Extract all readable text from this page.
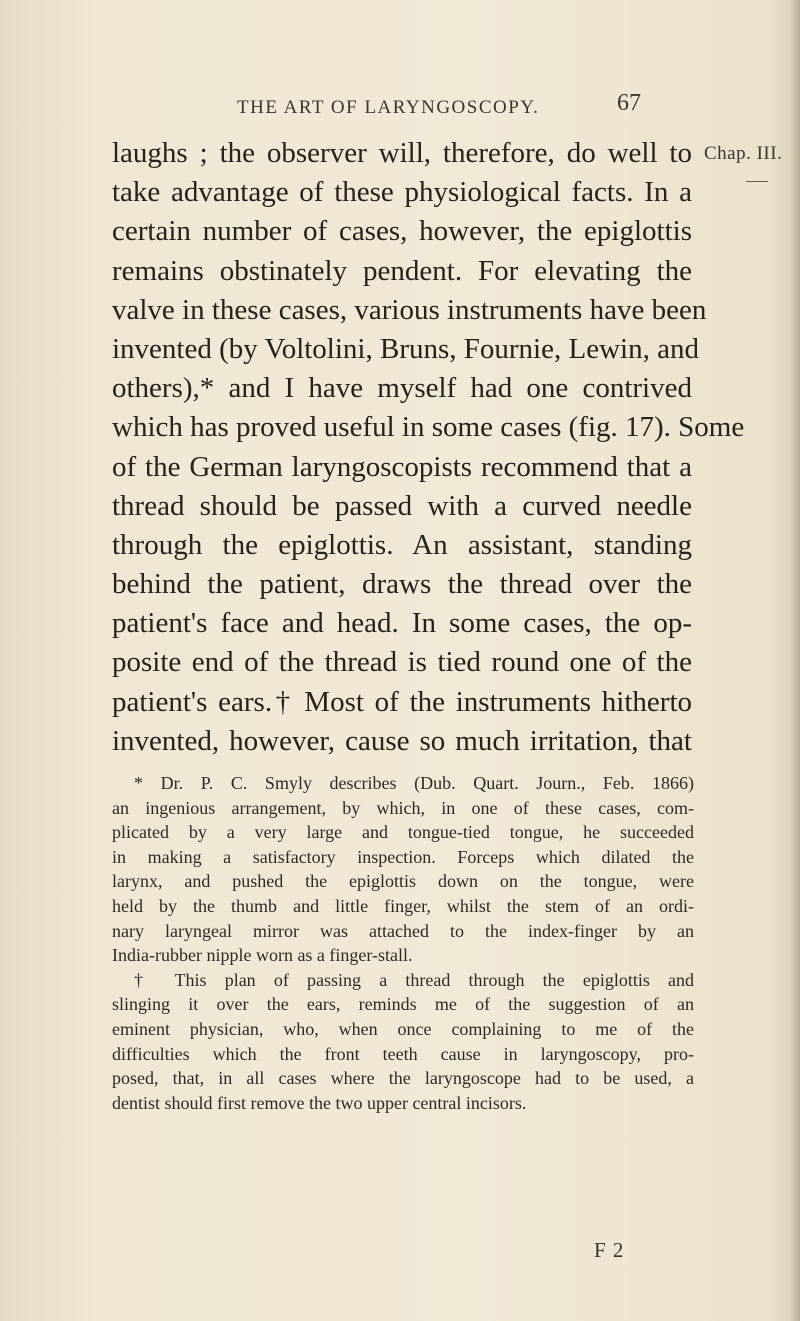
THE ART OF LARYNGOSCOPY.	67
Chap. III.
laughs ; the observer will, therefore, do well to
take advantage of these physiological facts. In a
certain number of cases, however, the epiglottis
remains obstinately pendent. For elevating the
valve in these cases, various instruments have been
invented (by Voltolini, Bruns, Fournie, Lewin, and
others),* and I have myself had one contrived
which has proved useful in some cases (fig. 17). Some
of the German laryngoscopists recommend that a
thread should be passed with a curved needle
through the epiglottis. An assistant, standing
behind the patient, draws the thread over the
patient's face and head. In some cases, the op-
posite end of the thread is tied round one of the
patient's ears.† Most of the instruments hitherto
invented, however, cause so much irritation, that
* Dr. P. C. Smyly describes (Dub. Quart. Journ., Feb. 1866)
an ingenious arrangement, by which, in one of these cases, com-
plicated by a very large and tongue-tied tongue, he succeeded
in making a satisfactory inspection. Forceps which dilated the
larynx, and pushed the epiglottis down on the tongue, were
held by the thumb and little finger, whilst the stem of an ordi-
nary laryngeal mirror was attached to the index-finger by an
India-rubber nipple worn as a finger-stall.
† This plan of passing a thread through the epiglottis and
slinging it over the ears, reminds me of the suggestion of an
eminent physician, who, when once complaining to me of the
difficulties which the front teeth cause in laryngoscopy, pro-
posed, that, in all cases where the laryngoscope had to be used, a
dentist should first remove the two upper central incisors.
F 2
